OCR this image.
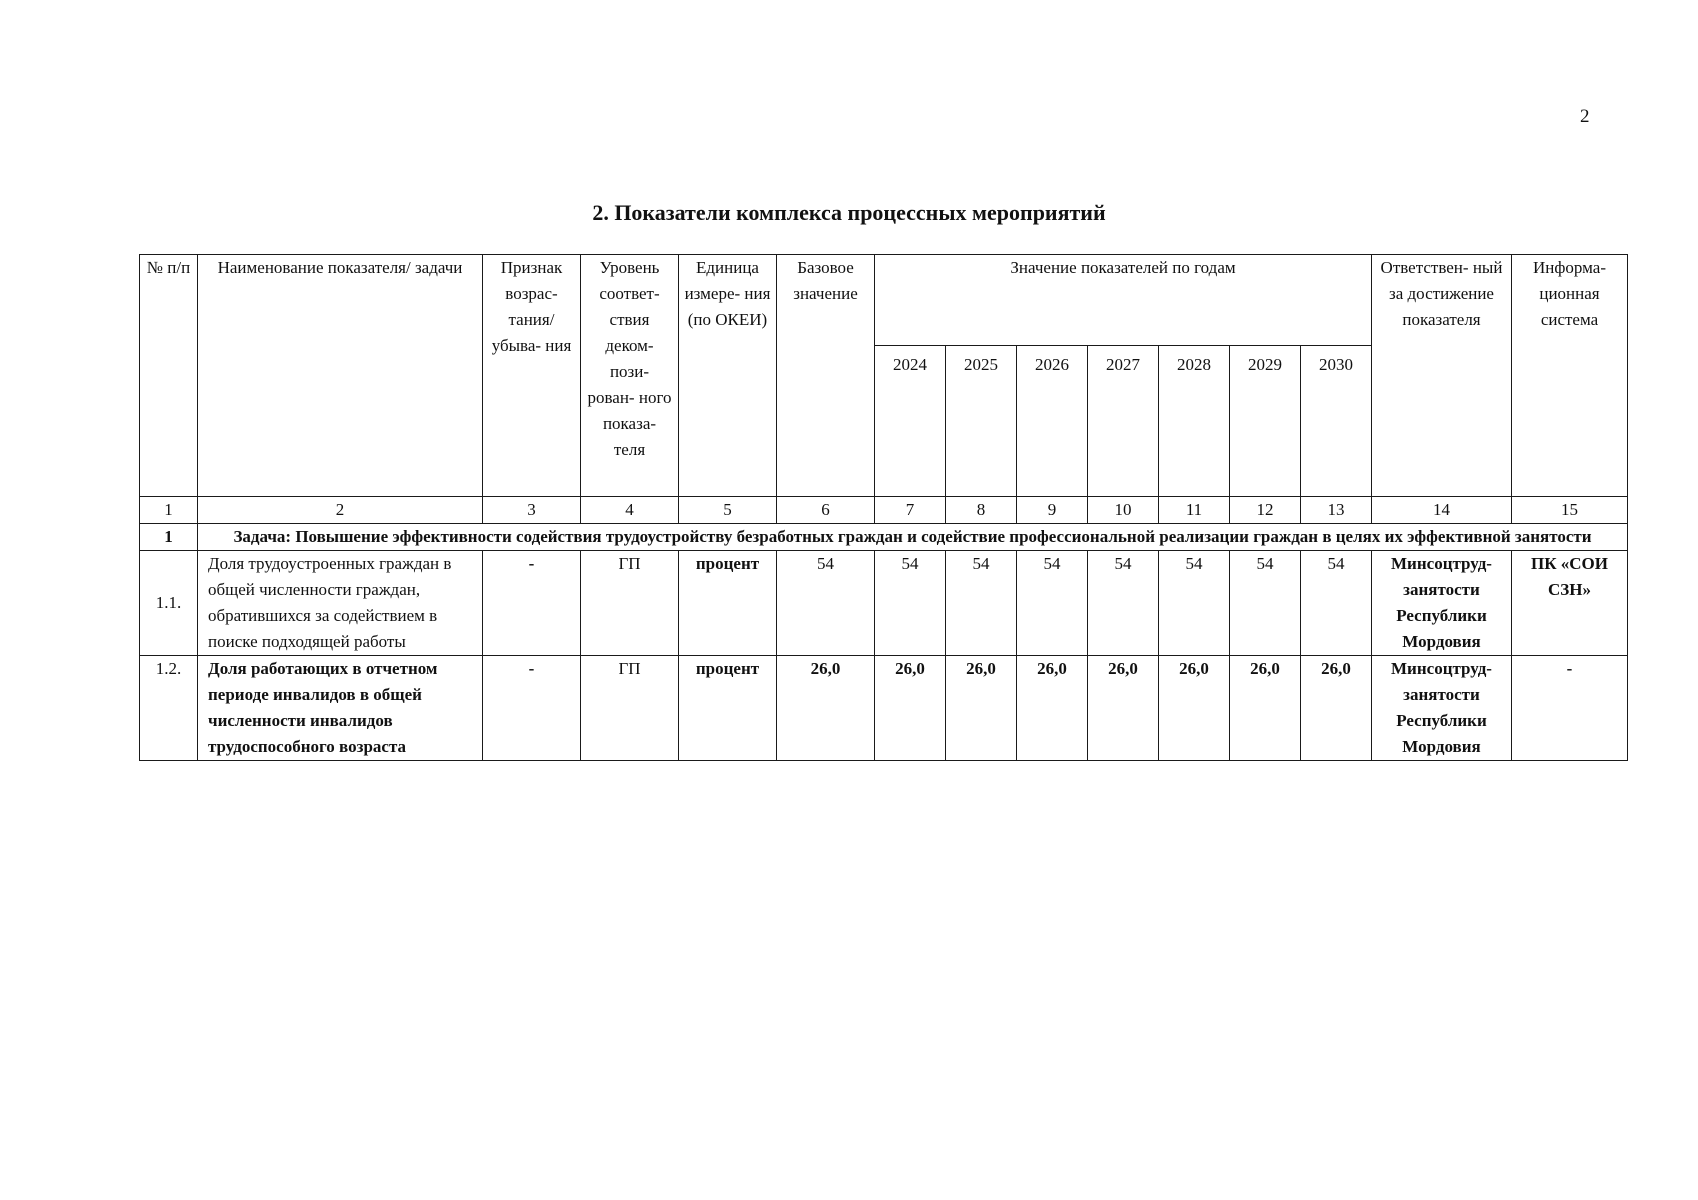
2
2. Показатели комплекса процессных мероприятий
№ п/п	Наименование показателя/ задачи	Признак возрас- тания/ убыва- ния	Уровень соответ- ствия деком- пози- рован- ного показа- теля	Единица измере- ния (по ОКЕИ)	Базовое значение	Значение показателей по годам							Ответствен- ный за достижение показателя	Информа- ционная система
						2024	2025	2026	2027	2028	2029	2030		
1	2	3	4	5	6	7	8	9	10	11	12	13	14	15
1	Задача: Повышение эффективности содействия трудоустройству безработных граждан и содействие профессиональной реализации граждан в целях их эффективной занятости													
1.1.	Доля трудоустроенных граждан в общей численности граждан, обратившихся за содействием в поиске подходящей работы	-	ГП	процент	54	54	54	54	54	54	54	54	Минсоцтруд- занятости Республики Мордовия	ПК «СОИ СЗН»
1.2.	Доля работающих в отчетном периоде инвалидов в общей численности инвалидов трудоспособного возраста	-	ГП	процент	26,0	26,0	26,0	26,0	26,0	26,0	26,0	26,0	Минсоцтруд- занятости Республики Мордовия	-
